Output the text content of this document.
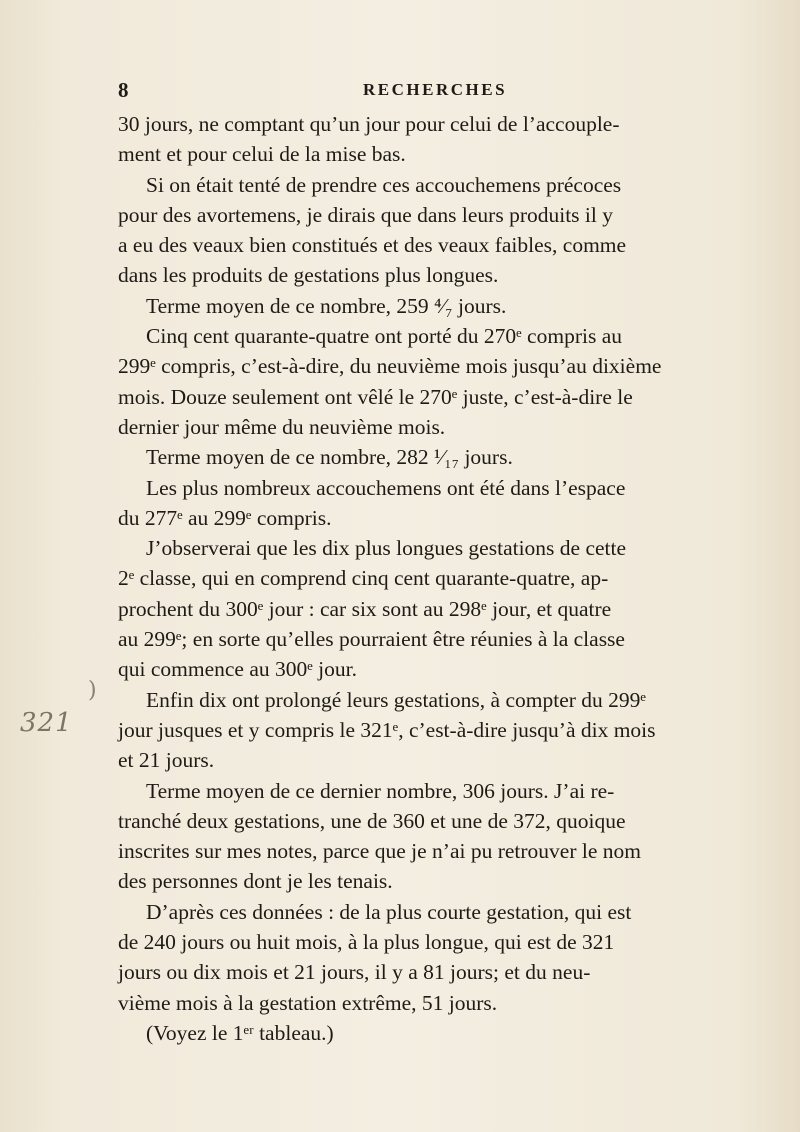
8	RECHERCHES
)
321
30 jours, ne comptant qu’un jour pour celui de l’accouple-
ment et pour celui de la mise bas.
Si on était tenté de prendre ces accouchemens précoces
pour des avortemens, je dirais que dans leurs produits il y
a eu des veaux bien constitués et des veaux faibles, comme
dans les produits de gestations plus longues.
Terme moyen de ce nombre, 259 ⁴⁄₇ jours.
Cinq cent quarante-quatre ont porté du 270ᵉ compris au
299ᵉ compris, c’est-à-dire, du neuvième mois jusqu’au dixième
mois. Douze seulement ont vêlé le 270ᵉ juste, c’est-à-dire le
dernier jour même du neuvième mois.
Terme moyen de ce nombre, 282 ¹⁄₁₇ jours.
Les plus nombreux accouchemens ont été dans l’espace
du 277ᵉ au 299ᵉ compris.
J’observerai que les dix plus longues gestations de cette
2ᵉ classe, qui en comprend cinq cent quarante-quatre, ap-
prochent du 300ᵉ jour : car six sont au 298ᵉ jour, et quatre
au 299ᵉ; en sorte qu’elles pourraient être réunies à la classe
qui commence au 300ᵉ jour.
Enfin dix ont prolongé leurs gestations, à compter du 299ᵉ
jour jusques et y compris le 321ᵉ, c’est-à-dire jusqu’à dix mois
et 21 jours.
Terme moyen de ce dernier nombre, 306 jours. J’ai re-
tranché deux gestations, une de 360 et une de 372, quoique
inscrites sur mes notes, parce que je n’ai pu retrouver le nom
des personnes dont je les tenais.
D’après ces données : de la plus courte gestation, qui est
de 240 jours ou huit mois, à la plus longue, qui est de 321
jours ou dix mois et 21 jours, il y a 81 jours; et du neu-
vième mois à la gestation extrême, 51 jours.
(Voyez le 1ᵉʳ tableau.)
